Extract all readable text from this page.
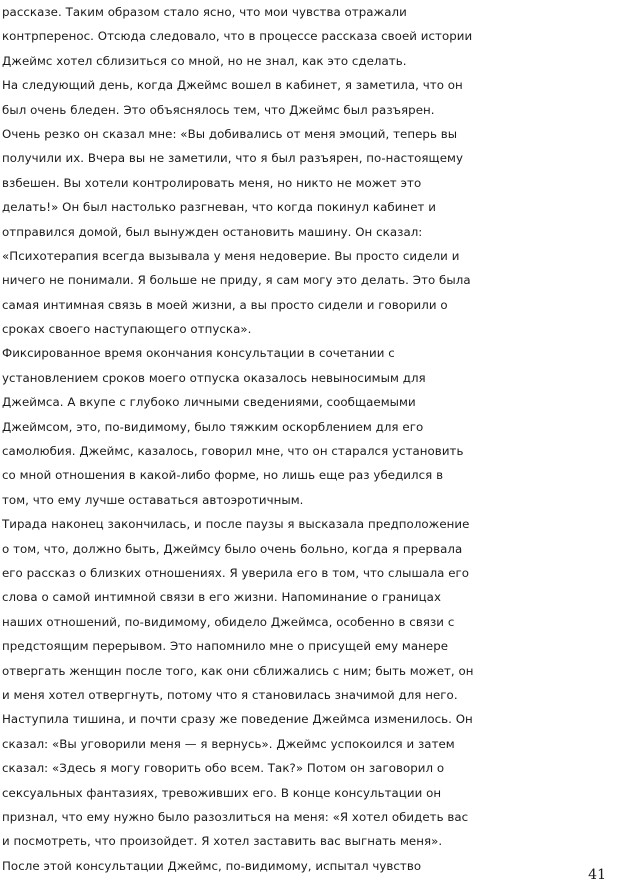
рассказе. Таким образом стало ясно, что мои чувства отражали
контрперенос. Отсюда следовало, что в процессе рассказа своей истории
Джеймс хотел сблизиться со мной, но не знал, как это сделать.
На следующий день, когда Джеймс вошел в кабинет, я заметила, что он
был очень бледен. Это объяснялось тем, что Джеймс был разъярен.
Очень резко он сказал мне: «Вы добивались от меня эмоций, теперь вы
получили их. Вчера вы не заметили, что я был разъярен, по-настоящему
взбешен. Вы хотели контролировать меня, но никто не может это
делать!» Он был настолько разгневан, что когда покинул кабинет и
отправился домой, был вынужден остановить машину. Он сказал:
«Психотерапия всегда вызывала у меня недоверие. Вы просто сидели и
ничего не понимали. Я больше не приду, я сам могу это делать. Это была
самая интимная связь в моей жизни, а вы просто сидели и говорили о
сроках своего наступающего отпуска».
Фиксированное время окончания консультации в сочетании с
установлением сроков моего отпуска оказалось невыносимым для
Джеймса. А вкупе с глубоко личными сведениями, сообщаемыми
Джеймсом, это, по-видимому, было тяжким оскорблением для его
самолюбия. Джеймс, казалось, говорил мне, что он старался установить
со мной отношения в какой-либо форме, но лишь еще раз убедился в
том, что ему лучше оставаться автоэротичным.
Тирада наконец закончилась, и после паузы я высказала предположение
о том, что, должно быть, Джеймсу было очень больно, когда я прервала
его рассказ о близких отношениях. Я уверила его в том, что слышала его
слова о самой интимной связи в его жизни. Напоминание о границах
наших отношений, по-видимому, обидело Джеймса, особенно в связи с
предстоящим перерывом. Это напомнило мне о присущей ему манере
отвергать женщин после того, как они сближались с ним; быть может, он
и меня хотел отвергнуть, потому что я становилась значимой для него.
Наступила тишина, и почти сразу же поведение Джеймса изменилось. Он
сказал: «Вы уговорили меня — я вернусь». Джеймс успокоился и затем
сказал: «Здесь я могу говорить обо всем. Так?» Потом он заговорил о
сексуальных фантазиях, тревоживших его. В конце консультации он
признал, что ему нужно было разозлиться на меня: «Я хотел обидеть вас
и посмотреть, что произойдет. Я хотел заставить вас выгнать меня».
После этой консультации Джеймс, по-видимому, испытал чувство
41
